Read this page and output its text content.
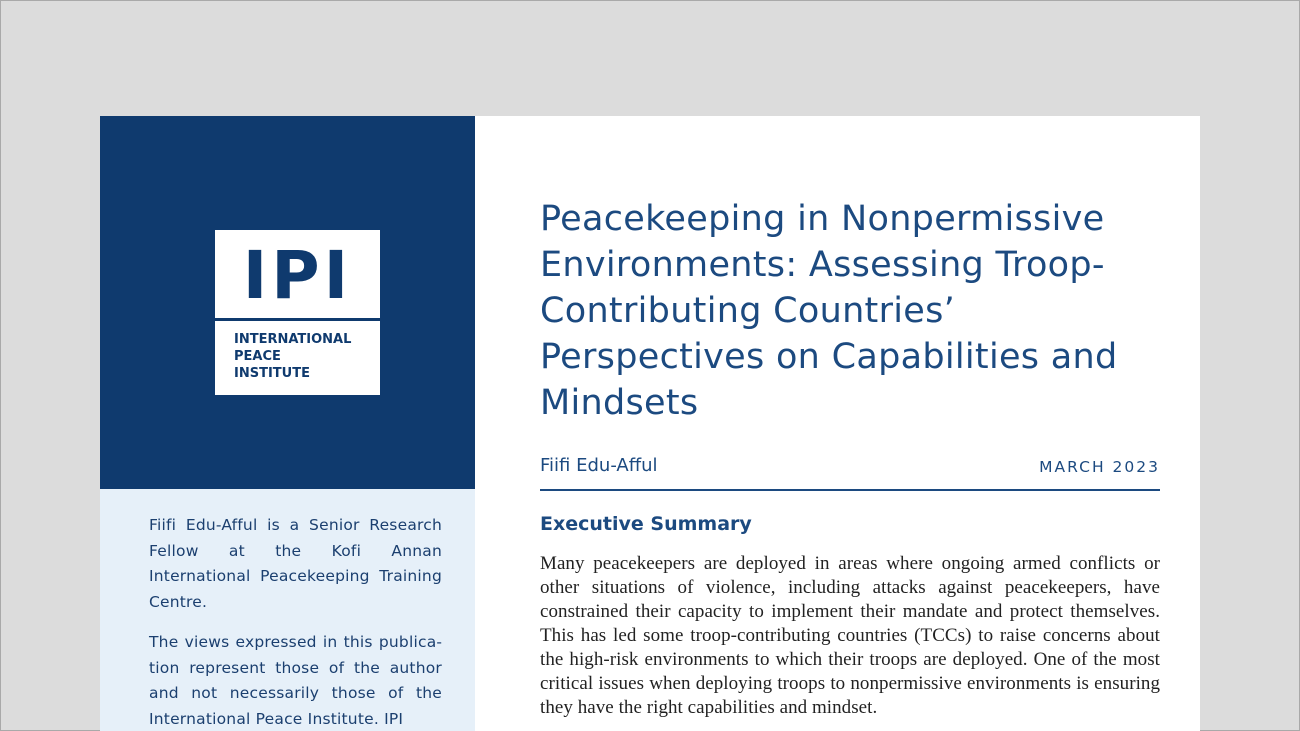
IPI
INTERNATIONAL
PEACE
INSTITUTE

Fiifi Edu-Afful is a Senior Research Fellow at the Kofi Annan International Peacekeeping Training Centre.

The views expressed in this publication represent those of the author and not necessarily those of the International Peace Institute. IPI

Peacekeeping in Nonpermissive Environments: Assessing Troop-Contributing Countries’ Perspectives on Capabilities and Mindsets
Fiifi Edu-Afful	MARCH 2023
Executive Summary

Many peacekeepers are deployed in areas where ongoing armed conflicts or other situations of violence, including attacks against peacekeepers, have constrained their capacity to implement their mandate and protect themselves. This has led some troop-contributing countries (TCCs) to raise concerns about the high-risk environments to which their troops are deployed. One of the most critical issues when deploying troops to nonpermissive environments is ensuring they have the right capabilities and mindset.
